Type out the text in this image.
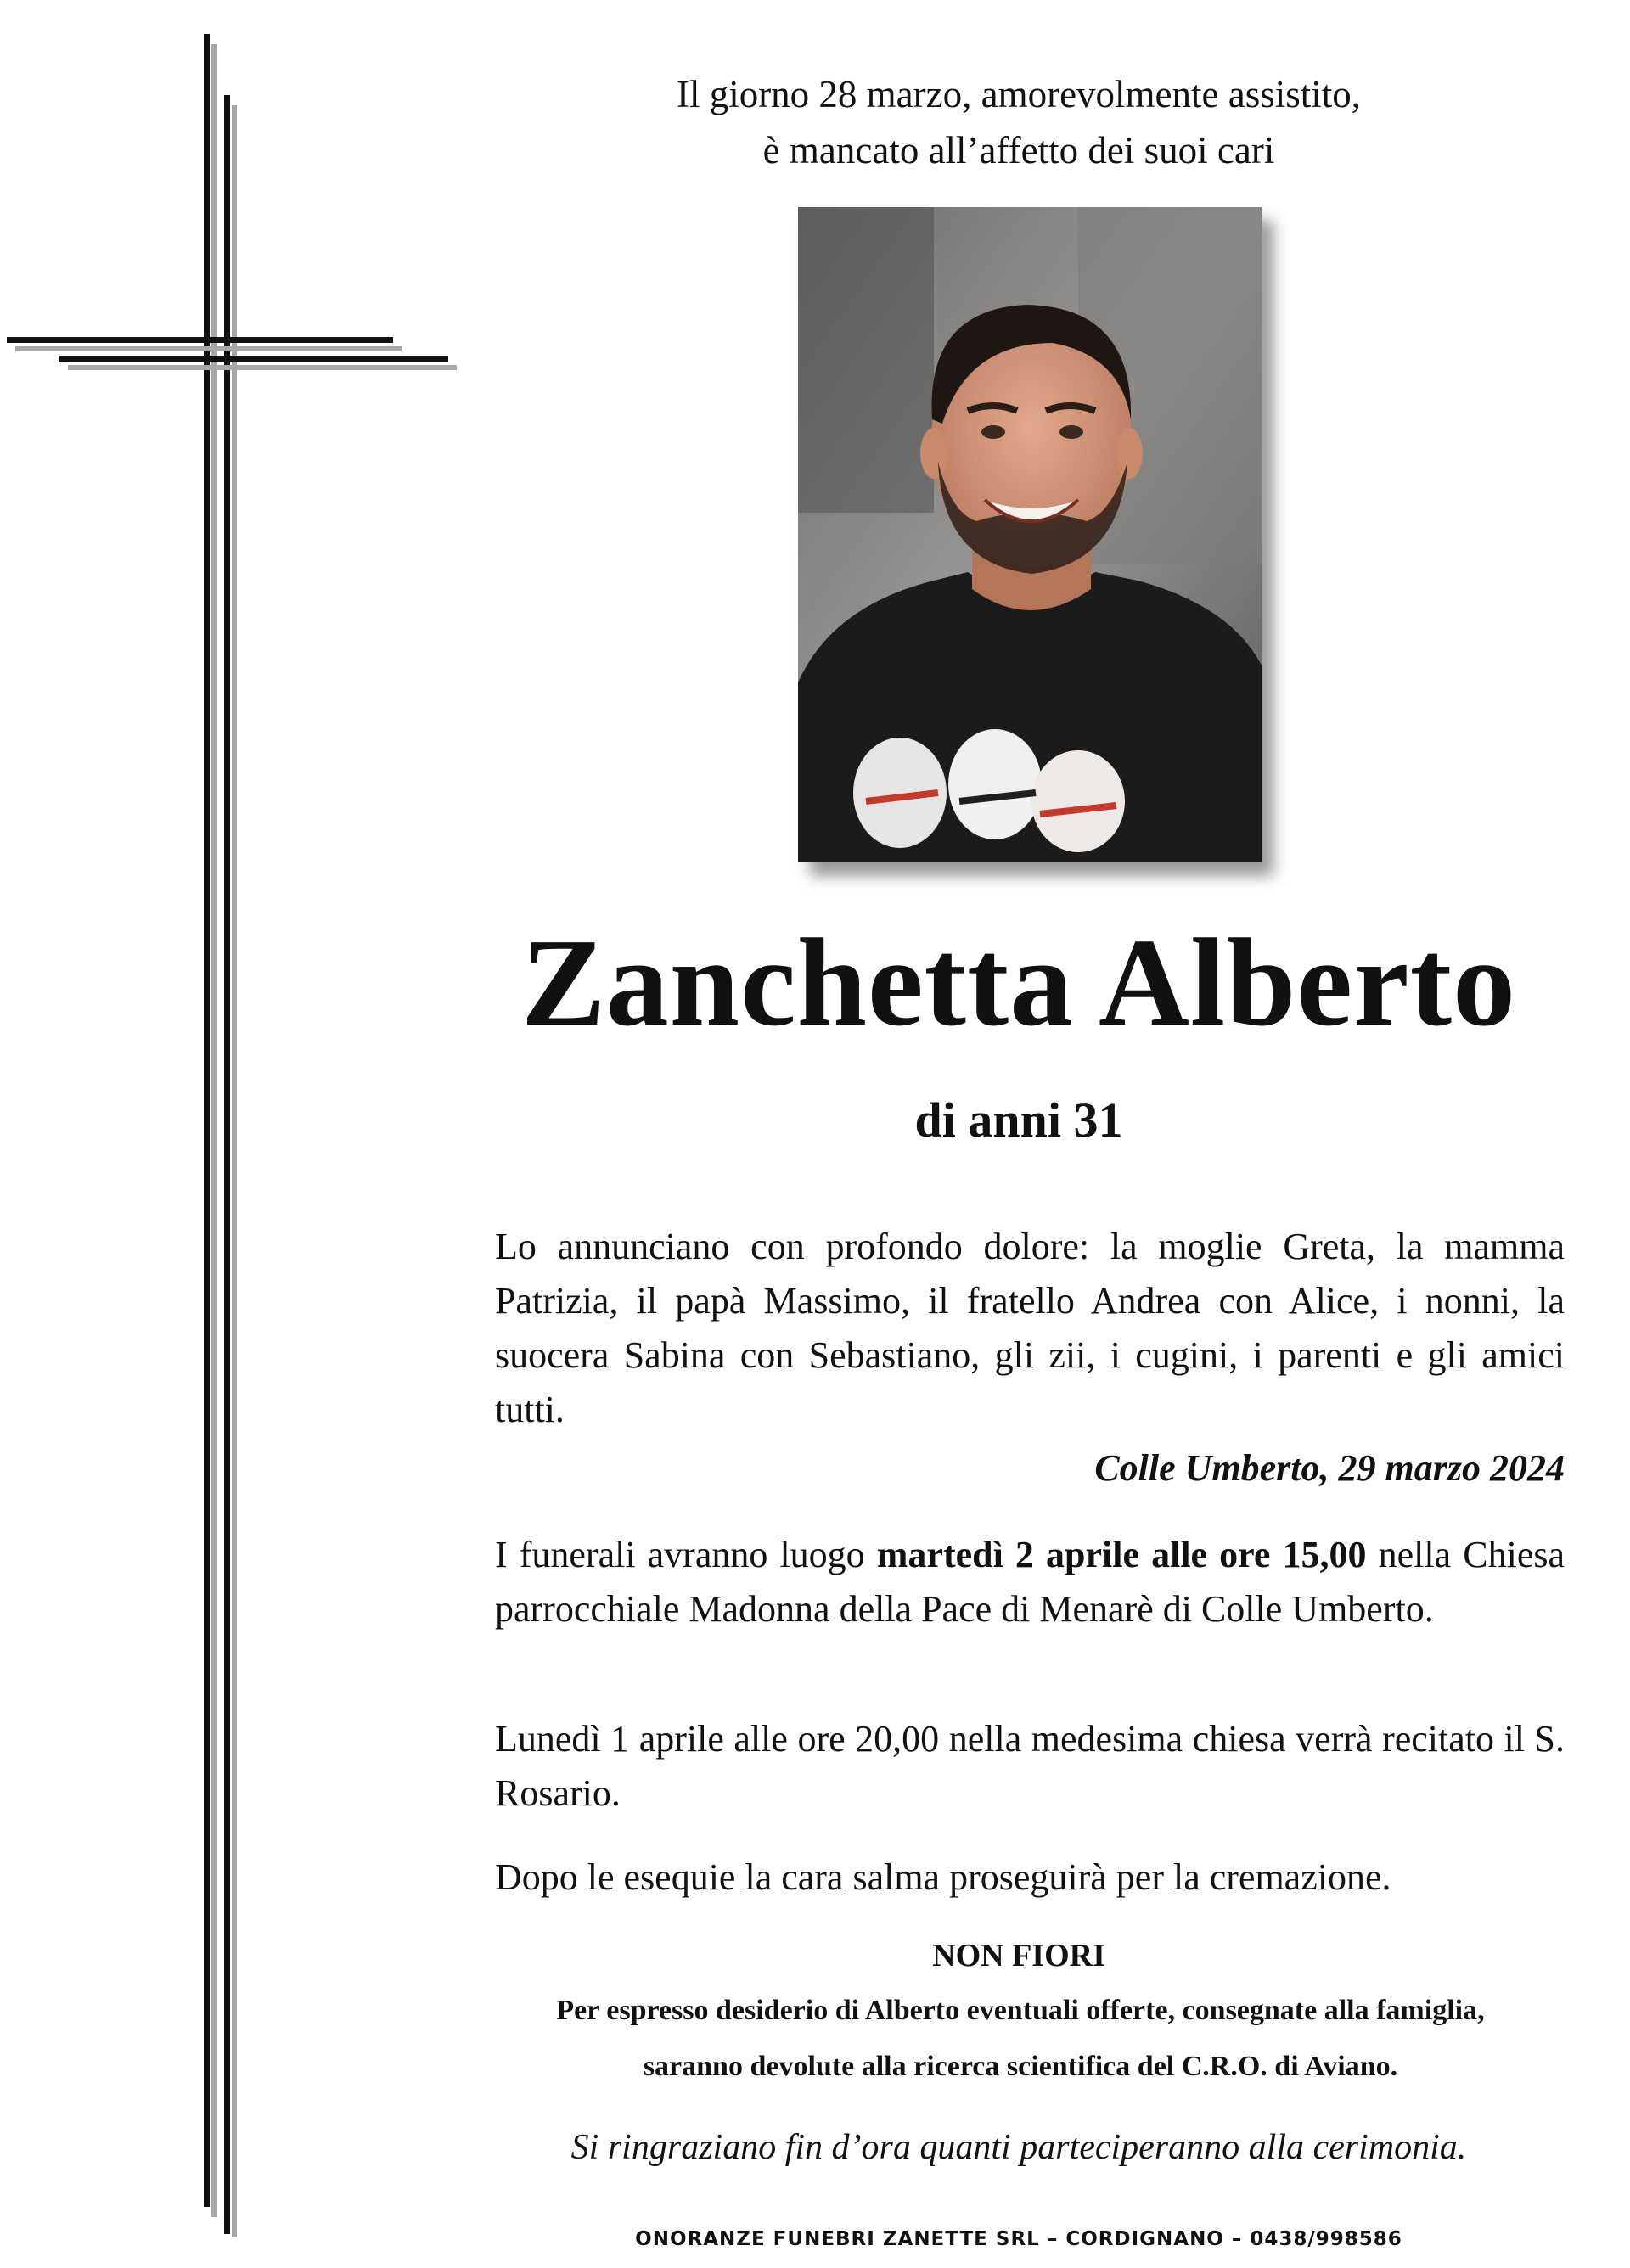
Il giorno 28 marzo, amorevolmente assistito,
è mancato all’affetto dei suoi cari
Zanchetta Alberto
di anni 31
Lo annunciano con profondo dolore: la moglie Greta, la mamma Patrizia, il papà Massimo, il fratello Andrea con Alice, i nonni, la suocera Sabina con Sebastiano, gli zii, i cugini, i parenti e gli amici tutti.
Colle Umberto, 29 marzo 2024
I funerali avranno luogo martedì 2 aprile alle ore 15,00 nella Chiesa parrocchiale Madonna della Pace di Menarè di Colle Umberto.
Lunedì 1 aprile alle ore 20,00 nella medesima chiesa verrà recitato il S. Rosario.
Dopo le esequie la cara salma proseguirà per la cremazione.
NON FIORI
Per espresso desiderio di Alberto eventuali offerte, consegnate alla famiglia,
saranno devolute alla ricerca scientifica del C.R.O. di Aviano.
Si ringraziano fin d’ora quanti parteciperanno alla cerimonia.
ONORANZE FUNEBRI ZANETTE SRL – CORDIGNANO – 0438/998586
